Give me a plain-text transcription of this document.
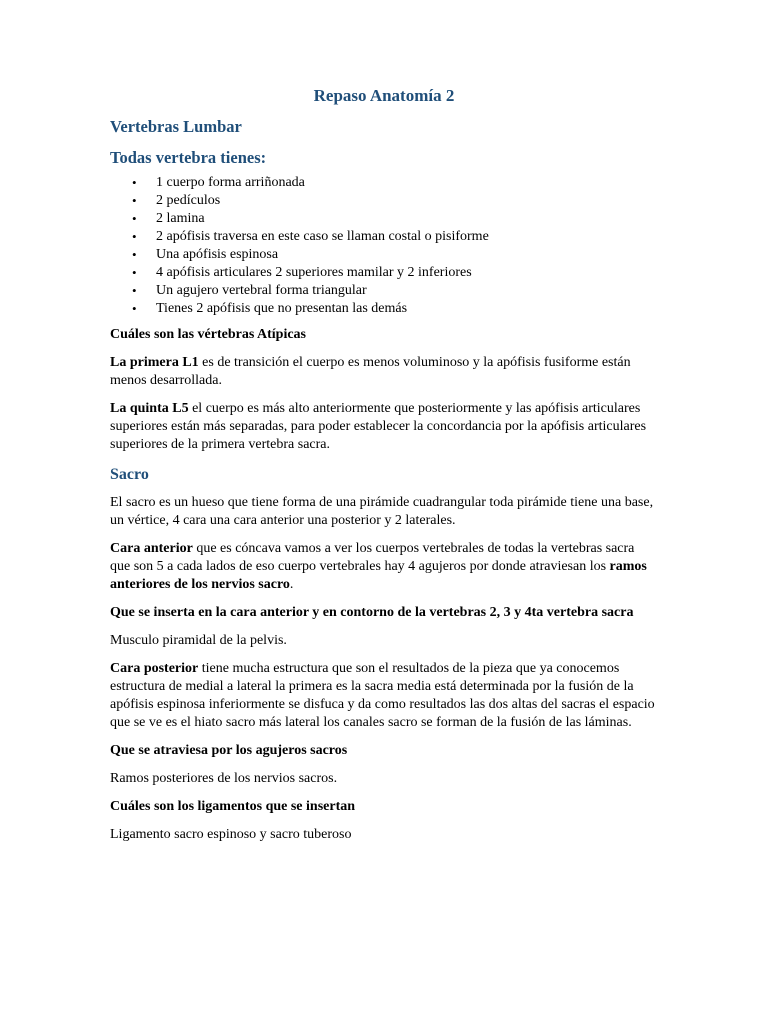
Repaso Anatomía 2
Vertebras Lumbar
Todas vertebra tienes:
• 1 cuerpo forma arriñonada
• 2 pedículos
• 2 lamina
• 2 apófisis traversa en este caso se llaman costal o pisiforme
• Una apófisis espinosa
• 4 apófisis articulares 2 superiores mamilar y 2 inferiores
• Un agujero vertebral forma triangular
• Tienes 2 apófisis que no presentan las demás

Cuáles son las vértebras Atípicas

La primera L1 es de transición el cuerpo es menos voluminoso y la apófisis fusiforme están menos desarrollada.

La quinta L5 el cuerpo es más alto anteriormente que posteriormente y las apófisis articulares superiores están más separadas, para poder establecer la concordancia por la apófisis articulares superiores de la primera vertebra sacra.

Sacro

El sacro es un hueso que tiene forma de una pirámide cuadrangular toda pirámide tiene una base, un vértice, 4 cara una cara anterior una posterior y 2 laterales.

Cara anterior que es cóncava vamos a ver los cuerpos vertebrales de todas la vertebras sacra que son 5 a cada lados de eso cuerpo vertebrales hay 4 agujeros por donde atraviesan los ramos anteriores de los nervios sacro.

Que se inserta en la cara anterior y en contorno de la vertebras 2, 3 y 4ta vertebra sacra

Musculo piramidal de la pelvis.

Cara posterior tiene mucha estructura que son el resultados de la pieza que ya conocemos estructura de medial a lateral la primera es la sacra media está determinada por la fusión de la apófisis espinosa inferiormente se disfuca y da como resultados las dos altas del sacras el espacio que se ve es el hiato sacro más lateral los canales sacro se forman de la fusión de las láminas.

Que se atraviesa por los agujeros sacros

Ramos posteriores de los nervios sacros.

Cuáles son los ligamentos que se insertan

Ligamento sacro espinoso y sacro tuberoso
